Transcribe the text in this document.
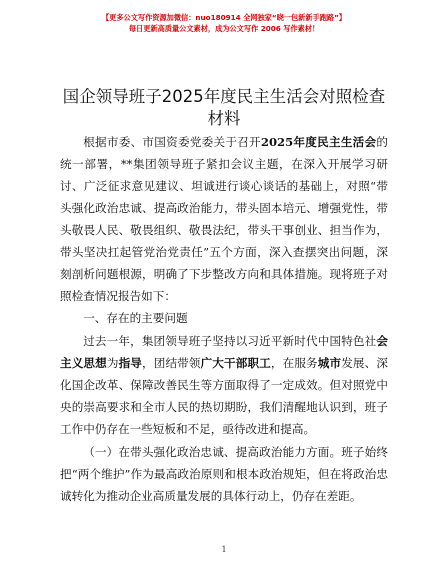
【更多公文写作资源加微信：nuo180914 全网独家“晓一包新新手跑路”】
每日更新高质量公文素材，成为公文写作 2006 写作素材！
国企领导班子2025年度民主生活会对照检查材料

根据市委、市国资委党委关于召开2025年度民主生活会的统一部署，**集团领导班子紧扣会议主题，在深入开展学习研讨、广泛征求意见建议、坦诚进行谈心谈话的基础上，对照“带头强化政治忠诚、提高政治能力，带头固本培元、增强党性，带头敬畏人民、敬畏组织、敬畏法纪，带头干事创业、担当作为，带头坚决扛起管党治党责任”五个方面，深入查摆突出问题，深刻剖析问题根源，明确了下步整改方向和具体措施。现将班子对照检查情况报告如下：

一、存在的主要问题

过去一年，集团领导班子坚持以习近平新时代中国特色社会主义思想为指导，团结带领广大干部职工，在服务城市发展、深化国企改革、保障改善民生等方面取得了一定成效。但对照党中央的崇高要求和全市人民的热切期盼，我们清醒地认识到，班子工作中仍存在一些短板和不足，亟待改进和提高。

（一）在带头强化政治忠诚、提高政治能力方面。班子始终把“两个维护”作为最高政治原则和根本政治规矩，但在将政治忠诚转化为推动企业高质量发展的具体行动上，仍存在差距。

1
